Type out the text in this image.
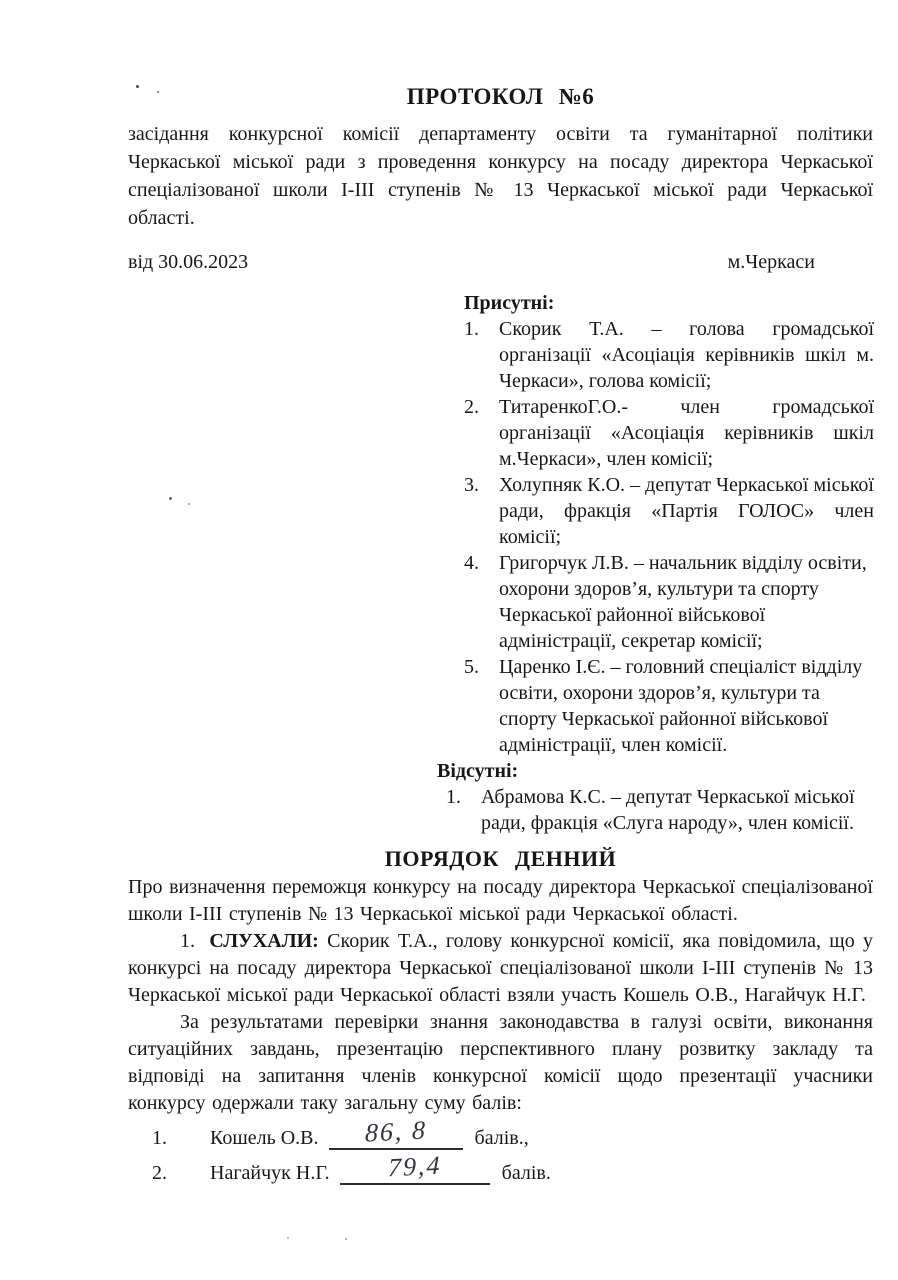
ПРОТОКОЛ №6

засідання конкурсної комісії департаменту освіти та гуманітарної політики Черкаської міської ради з проведення конкурсу на посаду директора Черкаської спеціалізованої школи І-ІІІ ступенів № 13 Черкаської міської ради Черкаської області.

від 30.06.2023	м.Черкаси
Присутні:
1.	Скорик Т.А. – голова громадської організації «Асоціація керівників шкіл м. Черкаси», голова комісії;
2.	ТитаренкоГ.О.- член громадської організації «Асоціація керівників шкіл м.Черкаси», член комісії;
3.	Холупняк К.О. – депутат Черкаської міської ради, фракція «Партія ГОЛОС» член комісії;
4.	Григорчук Л.В. – начальник відділу освіти, охорони здоров’я, культури та спорту Черкаської районної військової адміністрації, секретар комісії;
5.	Царенко І.Є. – головний спеціаліст відділу освіти, охорони здоров’я, культури та спорту Черкаської районної військової адміністрації, член комісії.
Відсутні:
1.	Абрамова К.С. – депутат Черкаської міської ради, фракція «Слуга народу», член комісії.
ПОРЯДОК ДЕННИЙ

Про визначення переможця конкурсу на посаду директора Черкаської спеціалізованої школи І-ІІІ ступенів № 13 Черкаської міської ради Черкаської області.

1. СЛУХАЛИ: Скорик Т.А., голову конкурсної комісії, яка повідомила, що у конкурсі на посаду директора Черкаської спеціалізованої школи І-ІІІ ступенів № 13 Черкаської міської ради Черкаської області взяли участь Кошель О.В., Нагайчук Н.Г.

За результатами перевірки знання законодавства в галузі освіти, виконання ситуаційних завдань, презентацію перспективного плану розвитку закладу та відповіді на запитання членів конкурсної комісії щодо презентації учасники конкурсу одержали таку загальну суму балів:

1.	Кошель О.В.	86, 8	балів.,
2.	Нагайчук Н.Г.	79,4	балів.
